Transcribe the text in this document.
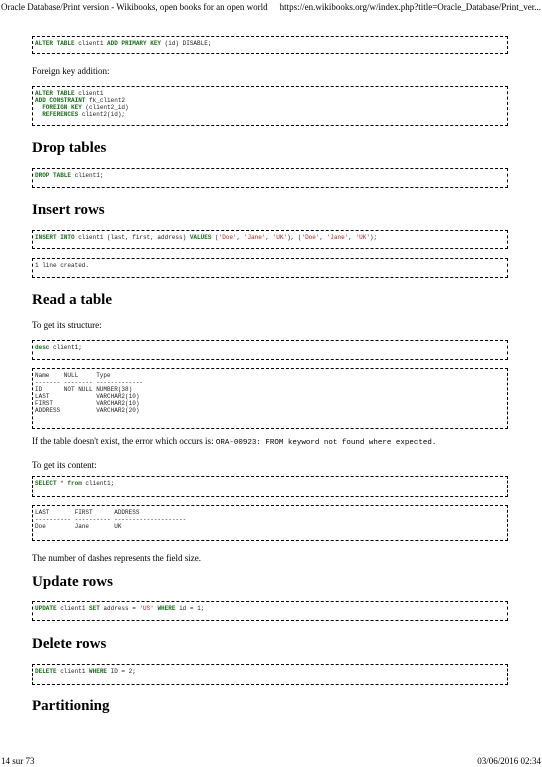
Oracle Database/Print version - Wikibooks, open books for an open world https://en.wikibooks.org/w/index.php?title=Oracle_Database/Print_ver...
ALTER TABLE client1 ADD PRIMARY KEY (id) DISABLE;

Foreign key addition:

ALTER TABLE client1
ADD CONSTRAINT fk_client2
FOREIGN KEY (client2_id)
REFERENCES client2(id);
Drop tables
DROP TABLE client1;
Insert rows
INSERT INTO client1 (last, first, address) VALUES ('Doe', 'Jane', 'UK'), ('Doe', 'Jane', 'UK');
1 line created.
Read a table

To get its structure:

desc client1;
Name    NULL     Type
------- -------- -------------
ID      NOT NULL NUMBER(38)
LAST             VARCHAR2(10)
FIRST            VARCHAR2(10)
ADDRESS          VARCHAR2(20)

If the table doesn't exist, the error which occurs is: ORA-00923: FROM keyword not found where expected.

To get its content:

SELECT * from client1;
LAST       FIRST      ADDRESS
---------- ---------- --------------------
Doe        Jane       UK

The number of dashes represents the field size.

Update rows
UPDATE client1 SET address = 'US' WHERE id = 1;
Delete rows
DELETE client1 WHERE ID = 2;
Partitioning
14 sur 73	03/06/2016 02:34
